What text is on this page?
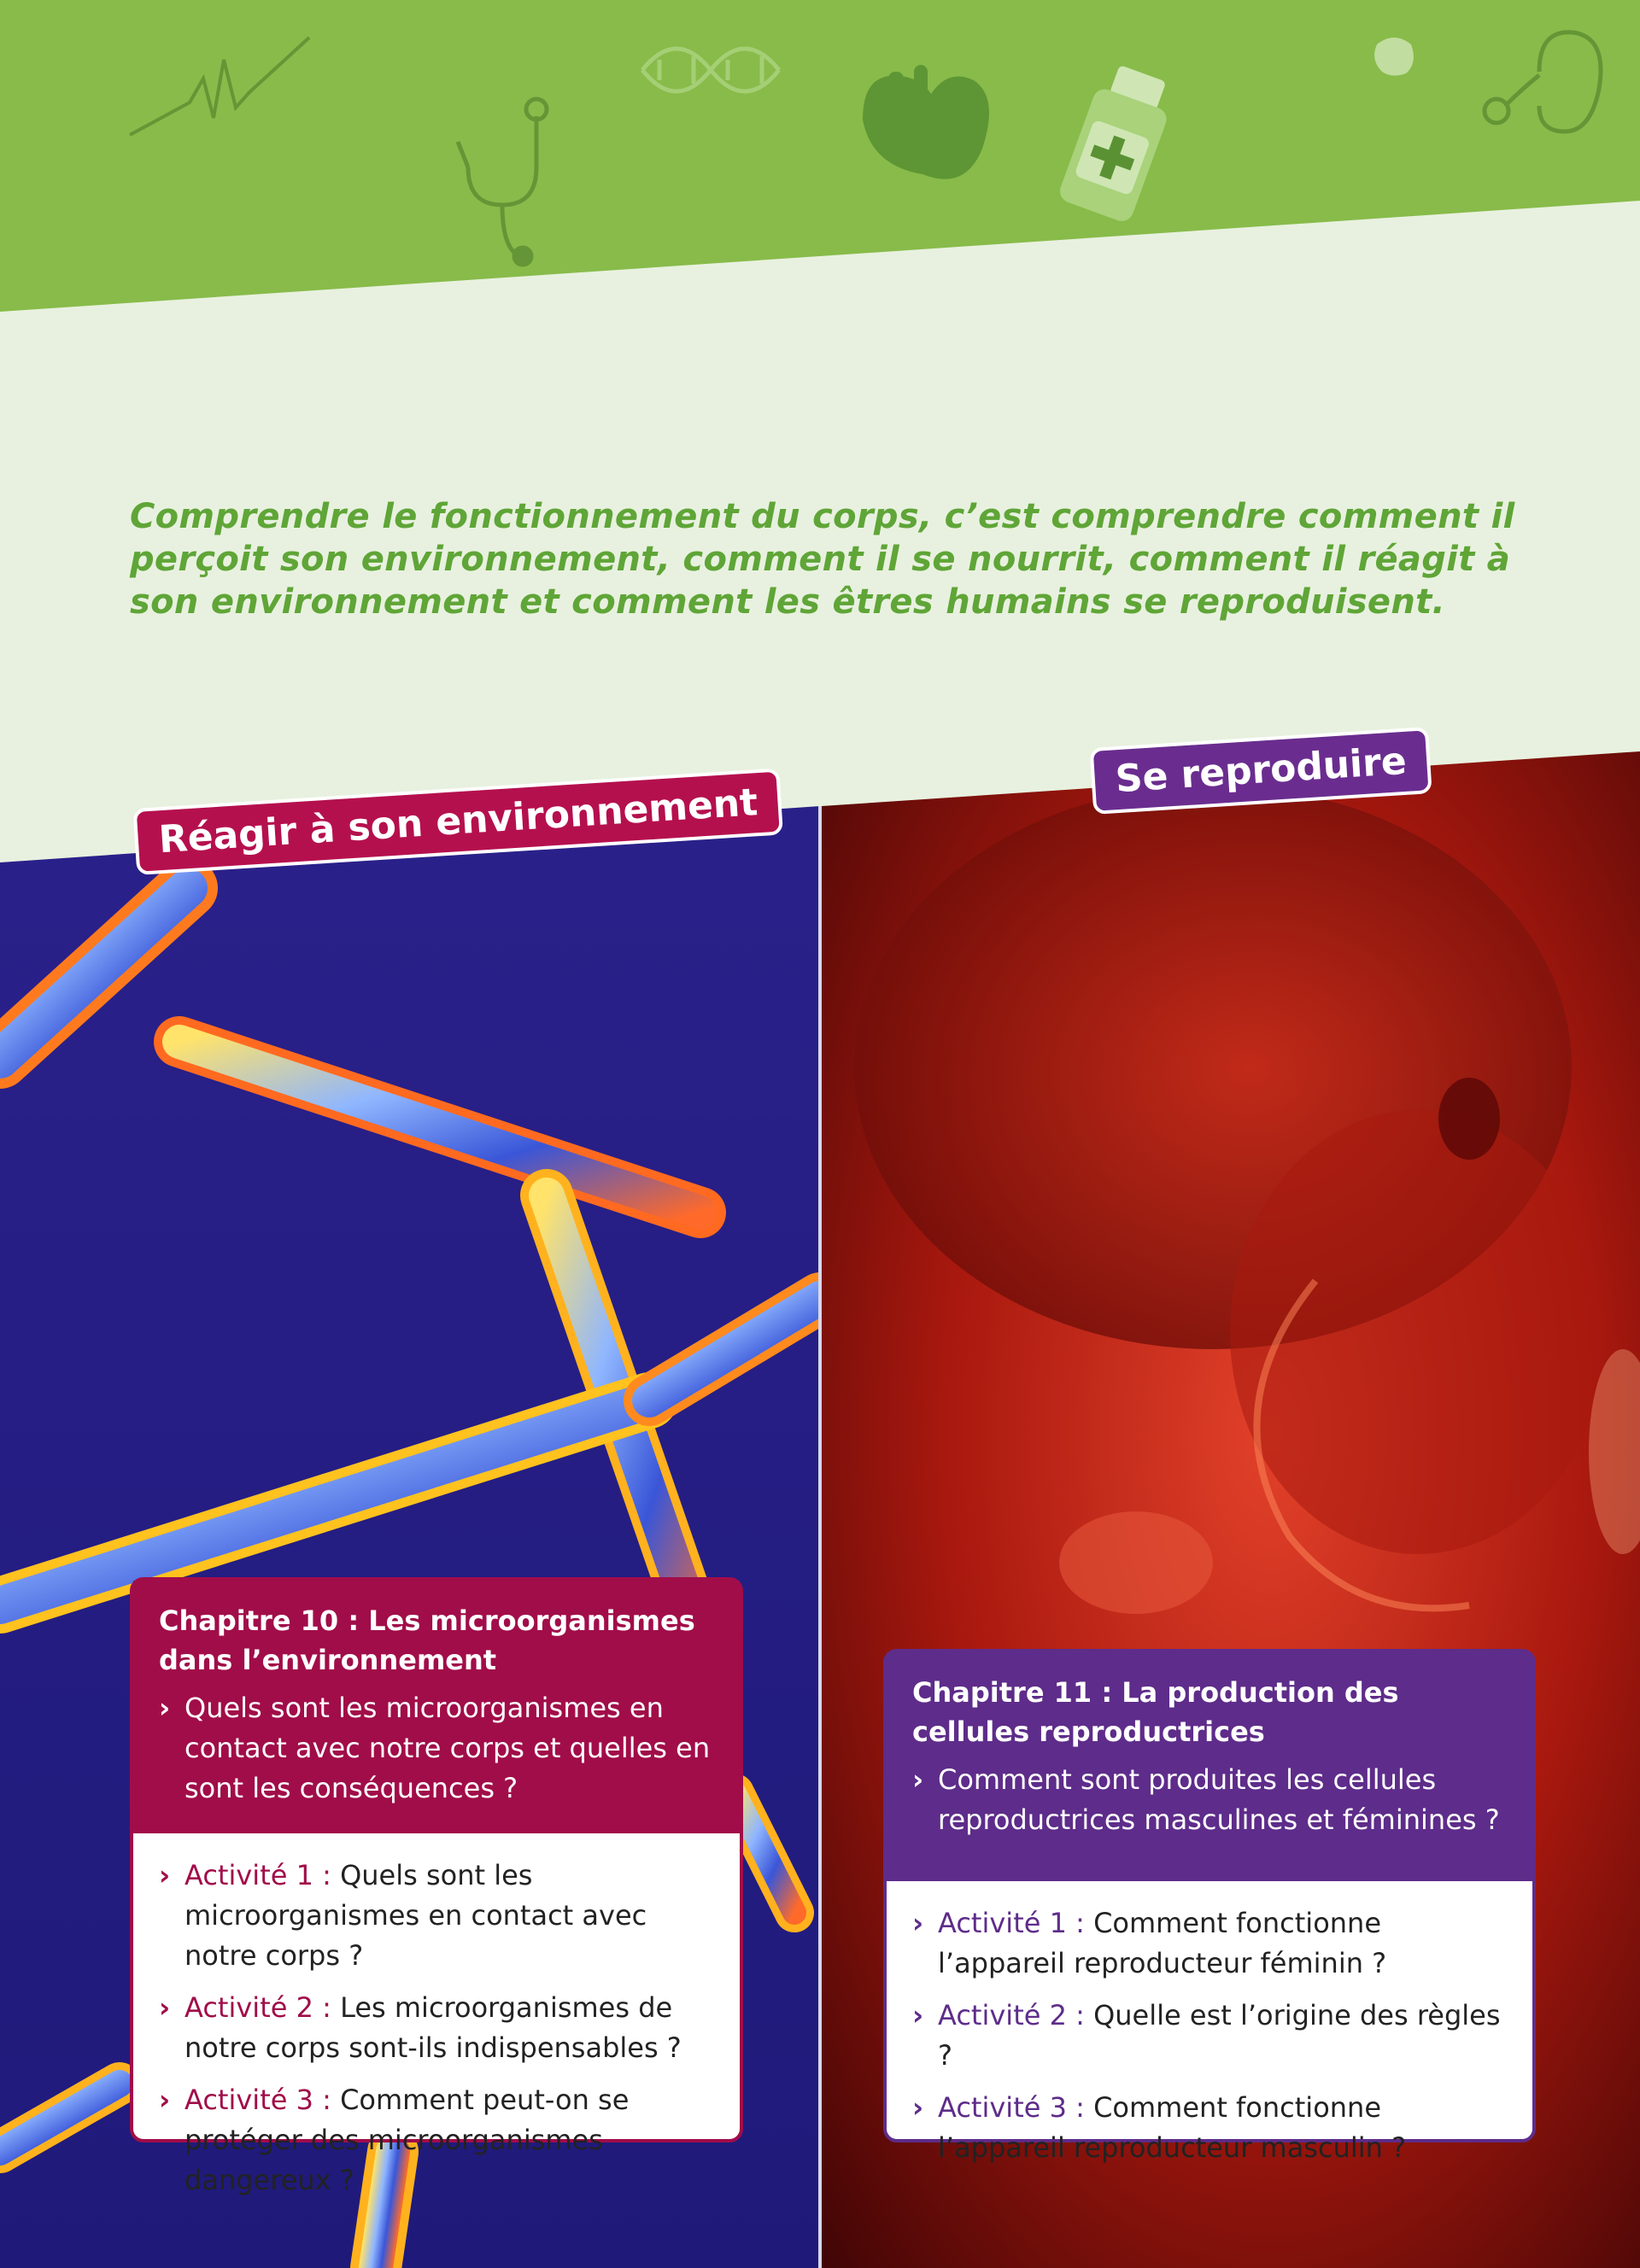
Comprendre le fonctionnement du corps, c’est comprendre comment il perçoit son environnement, comment il se nourrit, comment il réagit à son environnement et comment les êtres humains se reproduisent.
Réagir à son environnement
Se reproduire
Chapitre 10 : Les microorganismes dans l’environnement
› Quels sont les microorganismes en contact avec notre corps et quelles en sont les conséquences ?
› Activité 1 : Quels sont les microorganismes en contact avec notre corps ?
› Activité 2 : Les microorganismes de notre corps sont-ils indispensables ?
› Activité 3 : Comment peut-on se protéger des microorganismes dangereux ?
Chapitre 11 : La production des cellules reproductrices
› Comment sont produites les cellules reproductrices masculines et féminines ?
› Activité 1 : Comment fonctionne l’appareil reproducteur féminin ?
› Activité 2 : Quelle est l’origine des règles ?
› Activité 3 : Comment fonctionne l’appareil reproducteur masculin ?
